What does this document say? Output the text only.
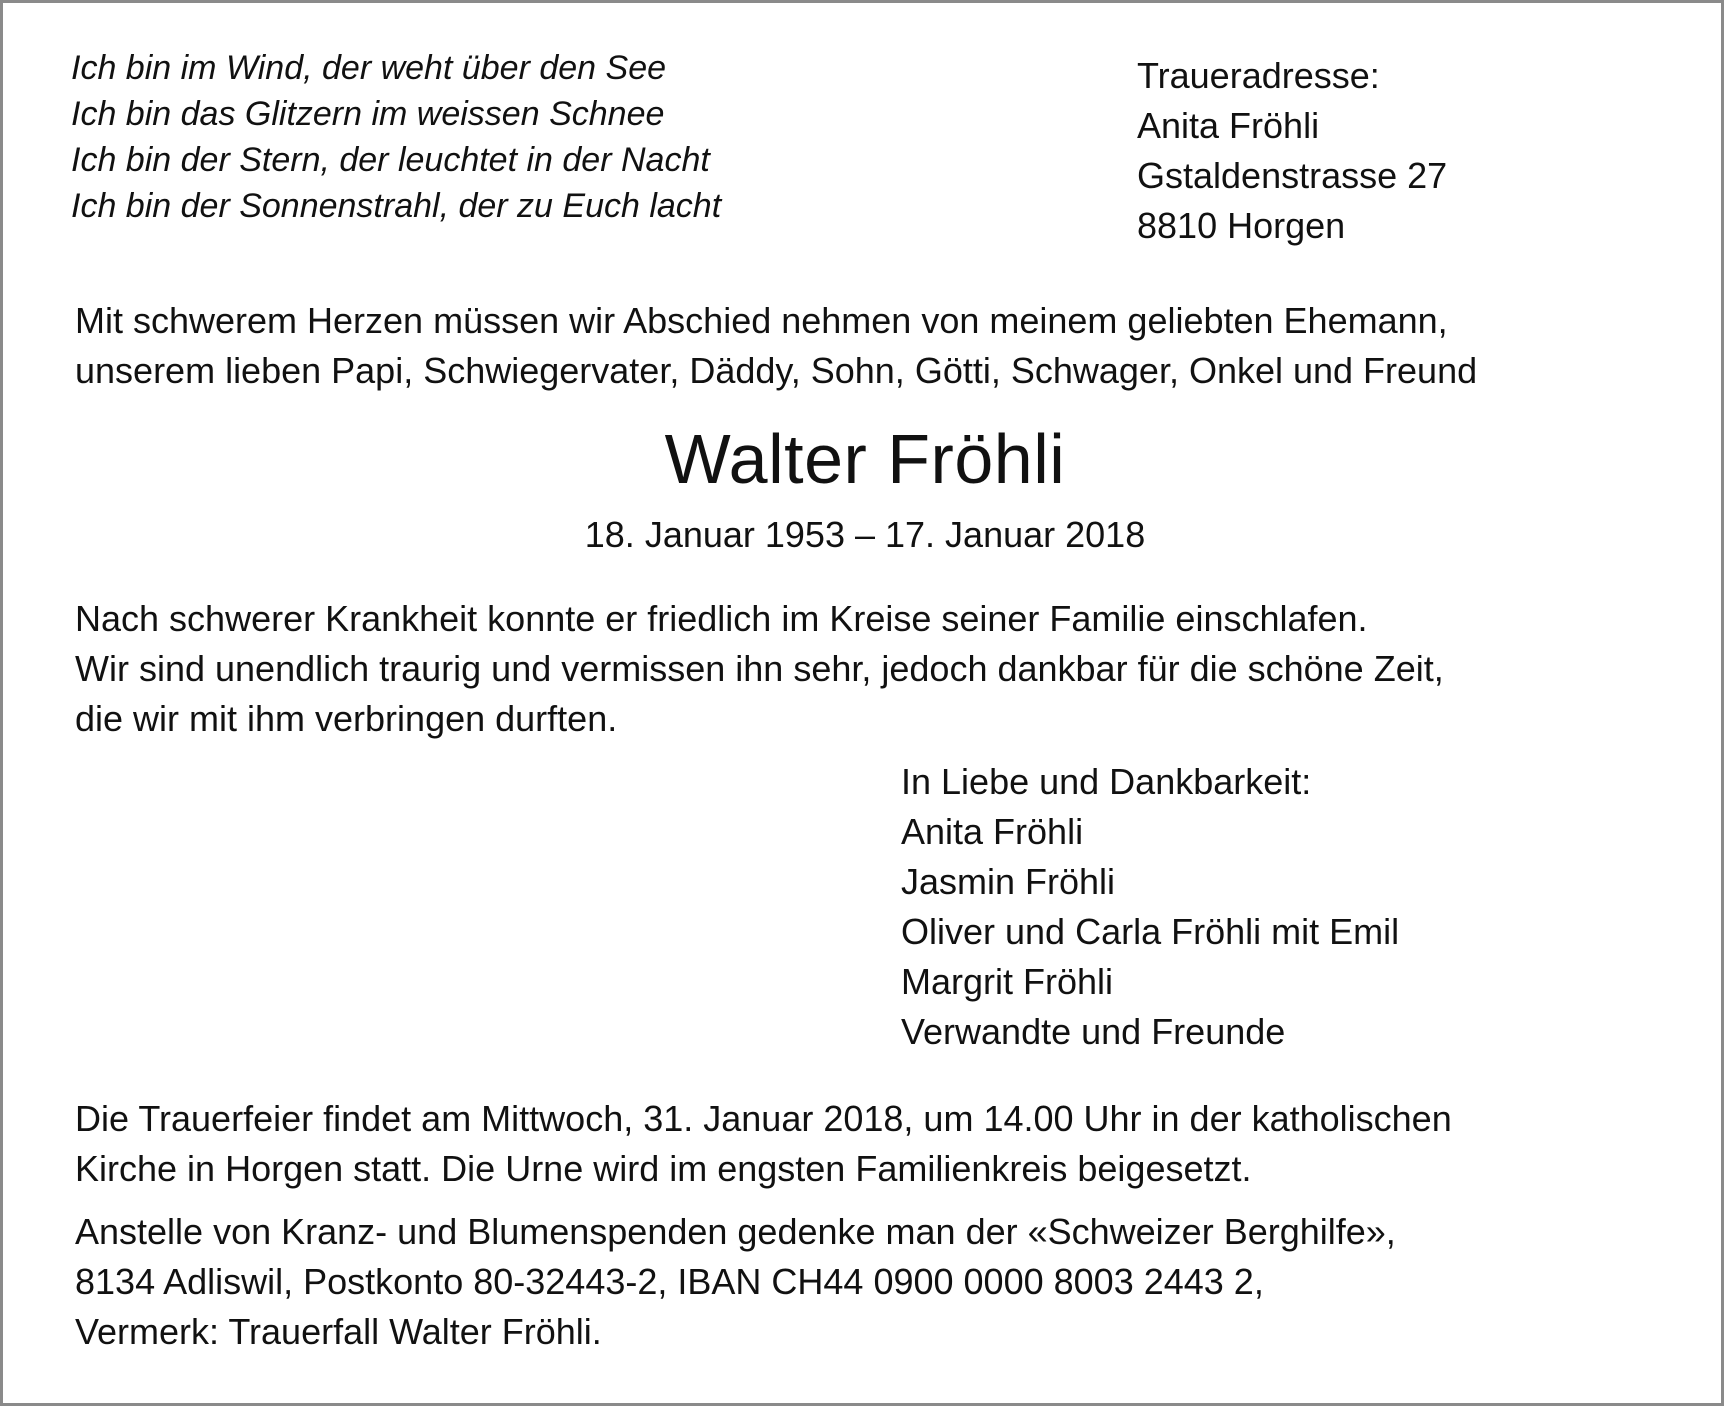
Ich bin im Wind, der weht über den See
Ich bin das Glitzern im weissen Schnee
Ich bin der Stern, der leuchtet in der Nacht
Ich bin der Sonnenstrahl, der zu Euch lacht
Traueradresse:
Anita Fröhli
Gstaldenstrasse 27
8810 Horgen
Mit schwerem Herzen müssen wir Abschied nehmen von meinem geliebten Ehemann,
unserem lieben Papi, Schwiegervater, Däddy, Sohn, Götti, Schwager, Onkel und Freund
Walter Fröhli
18. Januar 1953 – 17. Januar 2018
Nach schwerer Krankheit konnte er friedlich im Kreise seiner Familie einschlafen.
Wir sind unendlich traurig und vermissen ihn sehr, jedoch dankbar für die schöne Zeit,
die wir mit ihm verbringen durften.
In Liebe und Dankbarkeit:
Anita Fröhli
Jasmin Fröhli
Oliver und Carla Fröhli mit Emil
Margrit Fröhli
Verwandte und Freunde
Die Trauerfeier findet am Mittwoch, 31. Januar 2018, um 14.00 Uhr in der katholischen
Kirche in Horgen statt. Die Urne wird im engsten Familienkreis beigesetzt.
Anstelle von Kranz- und Blumenspenden gedenke man der «Schweizer Berghilfe»,
8134 Adliswil, Postkonto 80-32443-2, IBAN CH44 0900 0000 8003 2443 2,
Vermerk: Trauerfall Walter Fröhli.
